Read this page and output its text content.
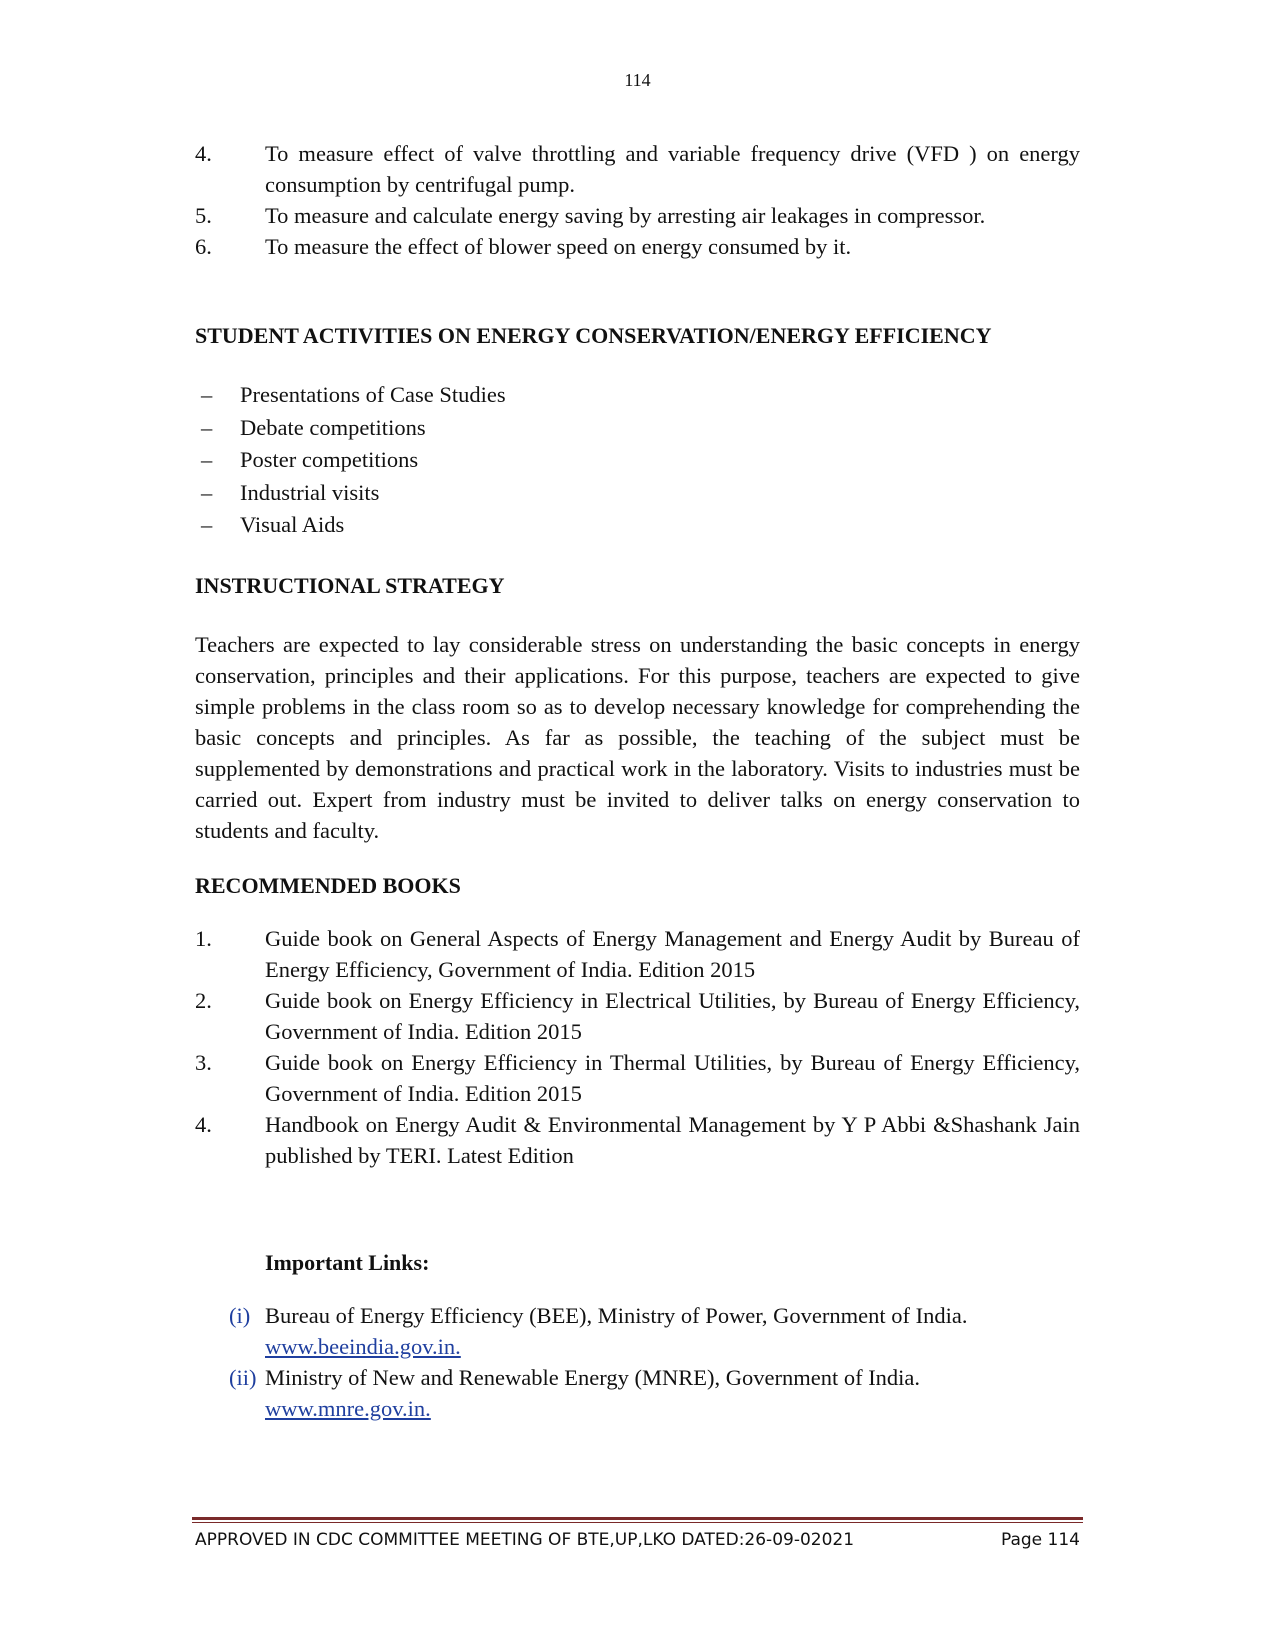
114
4.	To measure effect of valve throttling and variable frequency drive (VFD ) on energy consumption by centrifugal pump.
5.	To measure and calculate energy saving by arresting air leakages in compressor.
6.	To measure the effect of blower speed on energy consumed by it.
STUDENT ACTIVITIES ON ENERGY CONSERVATION/ENERGY EFFICIENCY
–	Presentations of Case Studies
–	Debate competitions
–	Poster competitions
–	Industrial visits
–	Visual Aids
INSTRUCTIONAL STRATEGY
Teachers are expected to lay considerable stress on understanding the basic concepts in energy conservation, principles and their applications. For this purpose, teachers are expected to give simple problems in the class room so as to develop necessary knowledge for comprehending the basic concepts and principles. As far as possible, the teaching of the subject must be supplemented by demonstrations and practical work in the laboratory. Visits to industries must be carried out. Expert from industry must be invited to deliver talks on energy conservation to students and faculty.
RECOMMENDED BOOKS
1.	Guide book on General Aspects of Energy Management and Energy Audit by Bureau of Energy Efficiency, Government of India. Edition 2015
2.	Guide book on Energy Efficiency in Electrical Utilities, by Bureau of Energy Efficiency, Government of India. Edition 2015
3.	Guide book on Energy Efficiency in Thermal Utilities, by Bureau of Energy Efficiency, Government of India. Edition 2015
4.	Handbook on Energy Audit & Environmental Management by Y P Abbi &Shashank Jain published by TERI. Latest Edition
Important Links:
(i) Bureau of Energy Efficiency (BEE), Ministry of Power, Government of India.
www.beeindia.gov.in.
(ii) Ministry of New and Renewable Energy (MNRE), Government of India.
www.mnre.gov.in.
APPROVED IN CDC COMMITTEE MEETING OF BTE,UP,LKO DATED:26-09-02021	Page 114
